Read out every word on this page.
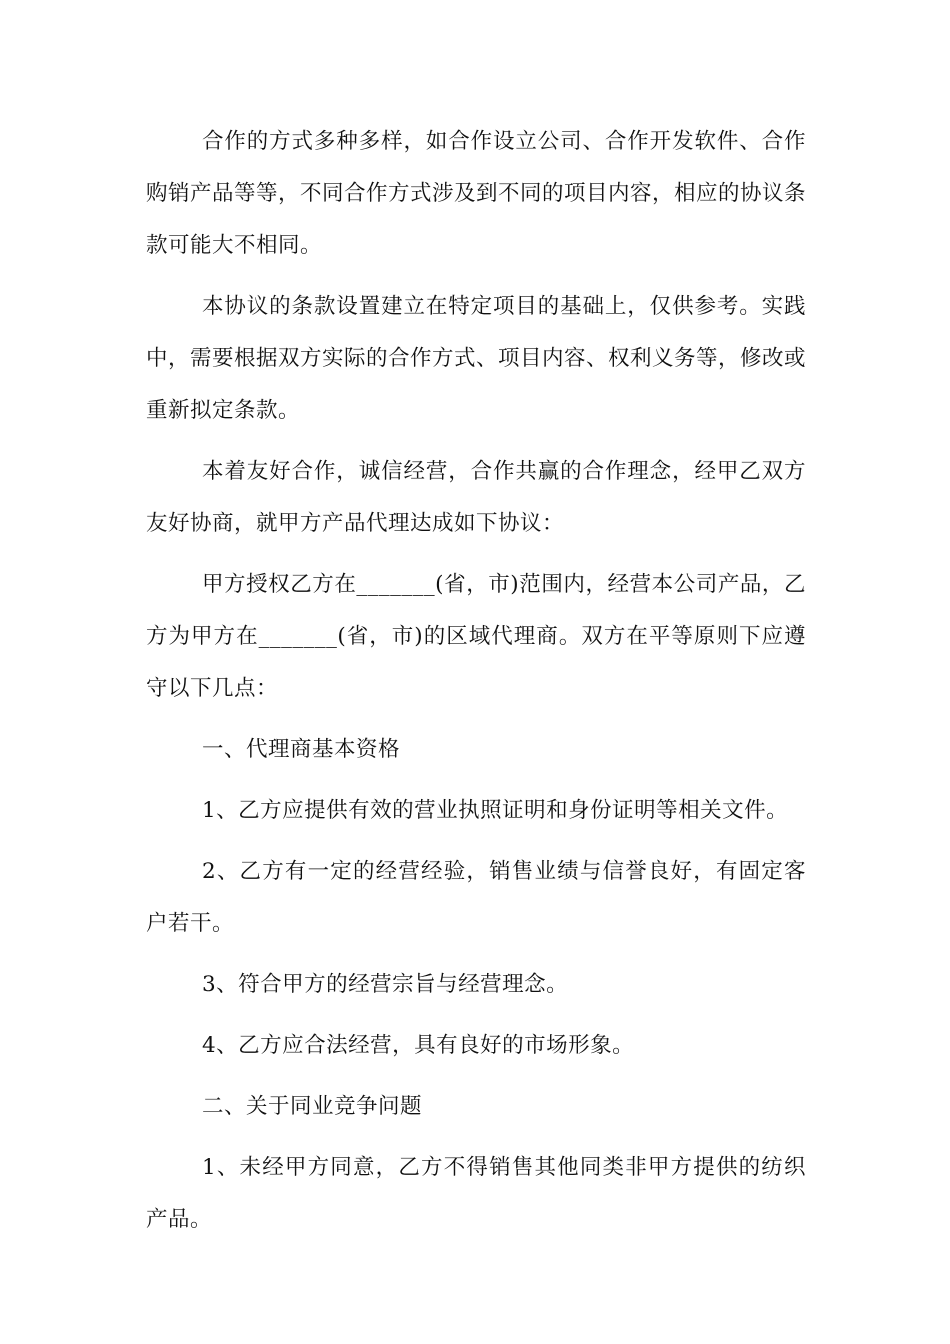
合作的方式多种多样，如合作设立公司、合作开发软件、合作购销产品等等，不同合作方式涉及到不同的项目内容，相应的协议条款可能大不相同。

本协议的条款设置建立在特定项目的基础上，仅供参考。实践中，需要根据双方实际的合作方式、项目内容、权利义务等，修改或重新拟定条款。

本着友好合作，诚信经营，合作共赢的合作理念，经甲乙双方友好协商，就甲方产品代理达成如下协议：

甲方授权乙方在_______(省，市)范围内，经营本公司产品，乙方为甲方在_______(省，市)的区域代理商。双方在平等原则下应遵守以下几点：

一、代理商基本资格

1、乙方应提供有效的营业执照证明和身份证明等相关文件。

2、乙方有一定的经营经验，销售业绩与信誉良好，有固定客户若干。

3、符合甲方的经营宗旨与经营理念。

4、乙方应合法经营，具有良好的市场形象。

二、关于同业竞争问题

1、未经甲方同意，乙方不得销售其他同类非甲方提供的纺织产品。
